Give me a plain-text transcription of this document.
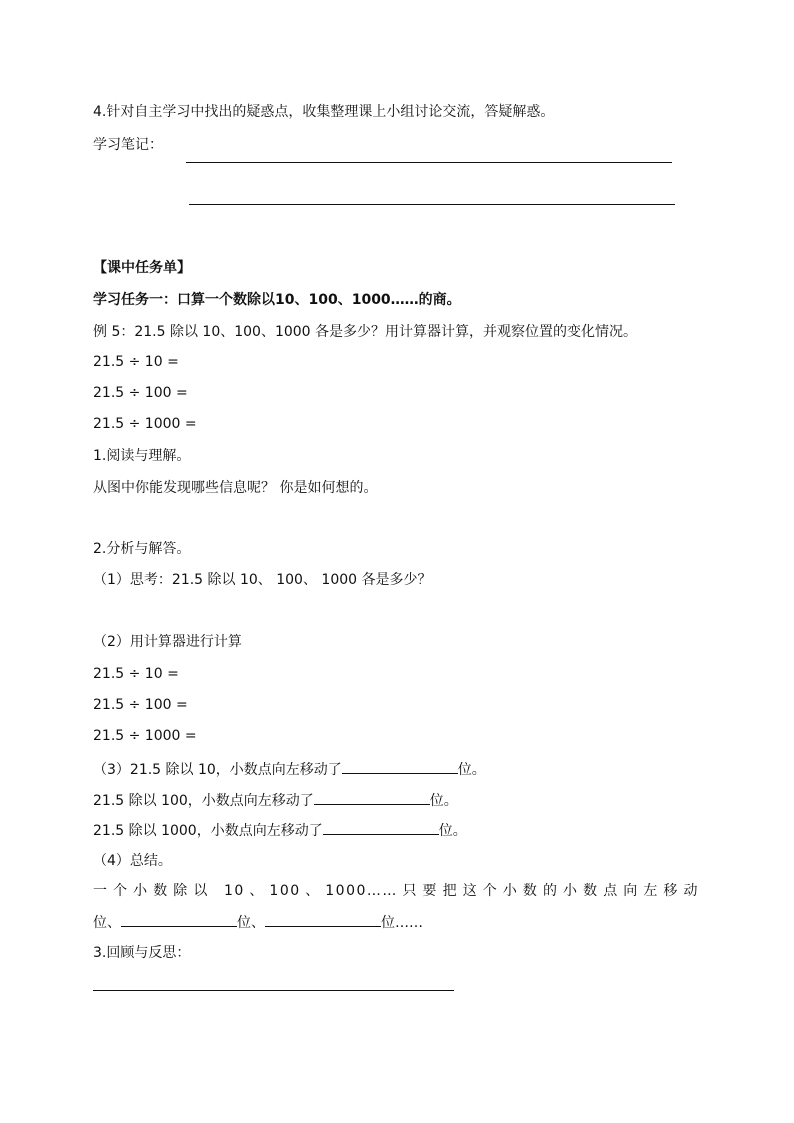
4.针对自主学习中找出的疑惑点，收集整理课上小组讨论交流，答疑解惑。
学习笔记：
【课中任务单】
学习任务一：口算一个数除以10、100、1000……的商。
例 5：21.5 除以 10、100、1000 各是多少？用计算器计算，并观察位置的变化情况。
21.5 ÷ 10 =
21.5 ÷ 100 =
21.5 ÷ 1000 =
1.阅读与理解。
从图中你能发现哪些信息呢？ 你是如何想的。
2.分析与解答。
（1）思考：21.5 除以 10、 100、 1000 各是多少？
（2）用计算器进行计算
21.5 ÷ 10 =
21.5 ÷ 100 =
21.5 ÷ 1000 =
（3）21.5 除以 10，小数点向左移动了	位。
21.5 除以 100，小数点向左移动了	位。
21.5 除以 1000，小数点向左移动了	位。
（4）总结。
一个小数除以 10、100、1000……只要把这个小数的小数点向左移动
位、	位、	位……
3.回顾与反思：
